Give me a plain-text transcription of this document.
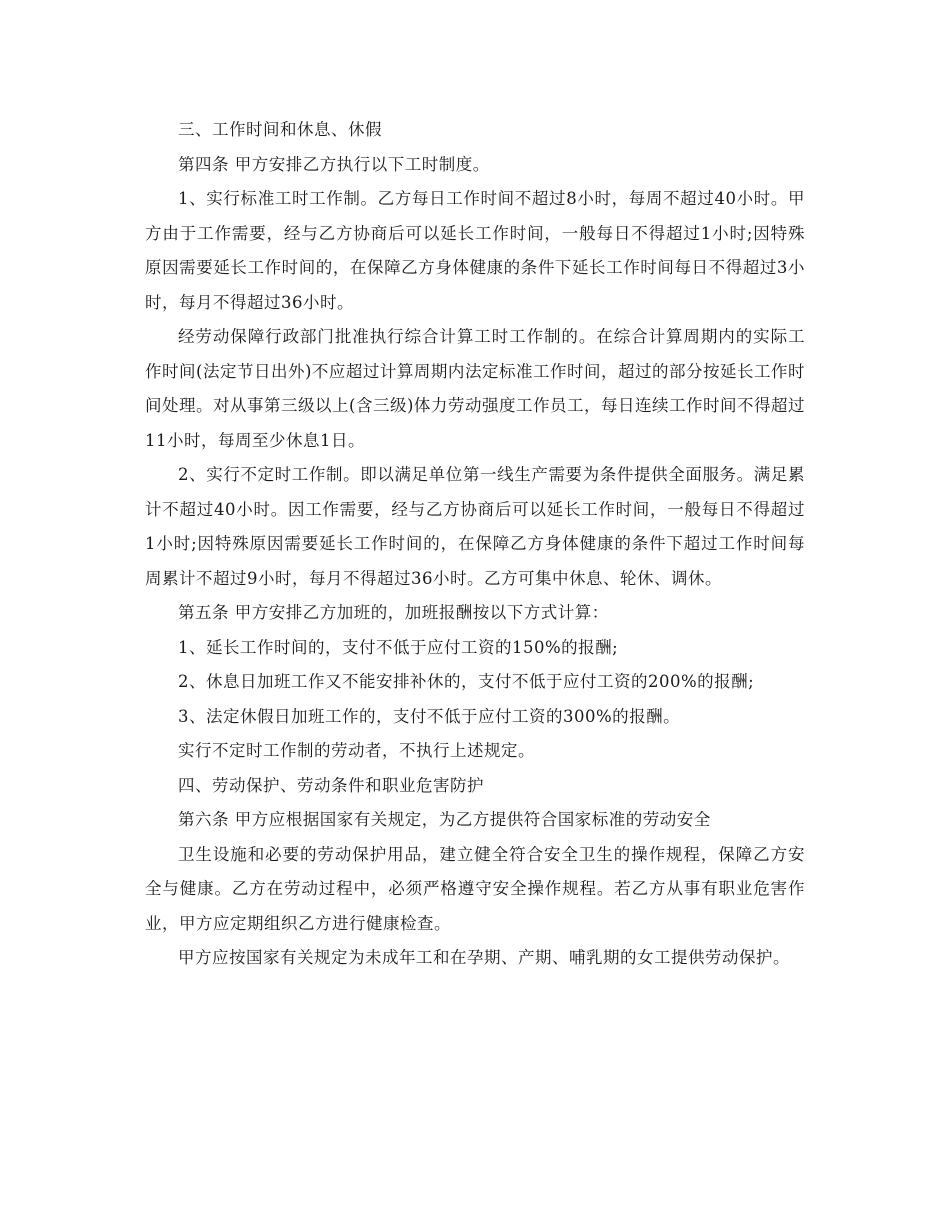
三、工作时间和休息、休假

第四条 甲方安排乙方执行以下工时制度。

1、实行标准工时工作制。乙方每日工作时间不超过8小时，每周不超过40小时。甲方由于工作需要，经与乙方协商后可以延长工作时间，一般每日不得超过1小时;因特殊原因需要延长工作时间的，在保障乙方身体健康的条件下延长工作时间每日不得超过3小时，每月不得超过36小时。

经劳动保障行政部门批准执行综合计算工时工作制的。在综合计算周期内的实际工作时间(法定节日出外)不应超过计算周期内法定标准工作时间，超过的部分按延长工作时间处理。对从事第三级以上(含三级)体力劳动强度工作员工，每日连续工作时间不得超过11小时，每周至少休息1日。

2、实行不定时工作制。即以满足单位第一线生产需要为条件提供全面服务。满足累计不超过40小时。因工作需要，经与乙方协商后可以延长工作时间，一般每日不得超过1小时;因特殊原因需要延长工作时间的，在保障乙方身体健康的条件下超过工作时间每周累计不超过9小时，每月不得超过36小时。乙方可集中休息、轮休、调休。

第五条 甲方安排乙方加班的，加班报酬按以下方式计算：

1、延长工作时间的，支付不低于应付工资的150%的报酬;

2、休息日加班工作又不能安排补休的，支付不低于应付工资的200%的报酬;

3、法定休假日加班工作的，支付不低于应付工资的300%的报酬。

实行不定时工作制的劳动者，不执行上述规定。

四、劳动保护、劳动条件和职业危害防护

第六条 甲方应根据国家有关规定，为乙方提供符合国家标准的劳动安全

卫生设施和必要的劳动保护用品，建立健全符合安全卫生的操作规程，保障乙方安全与健康。乙方在劳动过程中，必须严格遵守安全操作规程。若乙方从事有职业危害作业，甲方应定期组织乙方进行健康检查。

甲方应按国家有关规定为未成年工和在孕期、产期、哺乳期的女工提供劳动保护。
